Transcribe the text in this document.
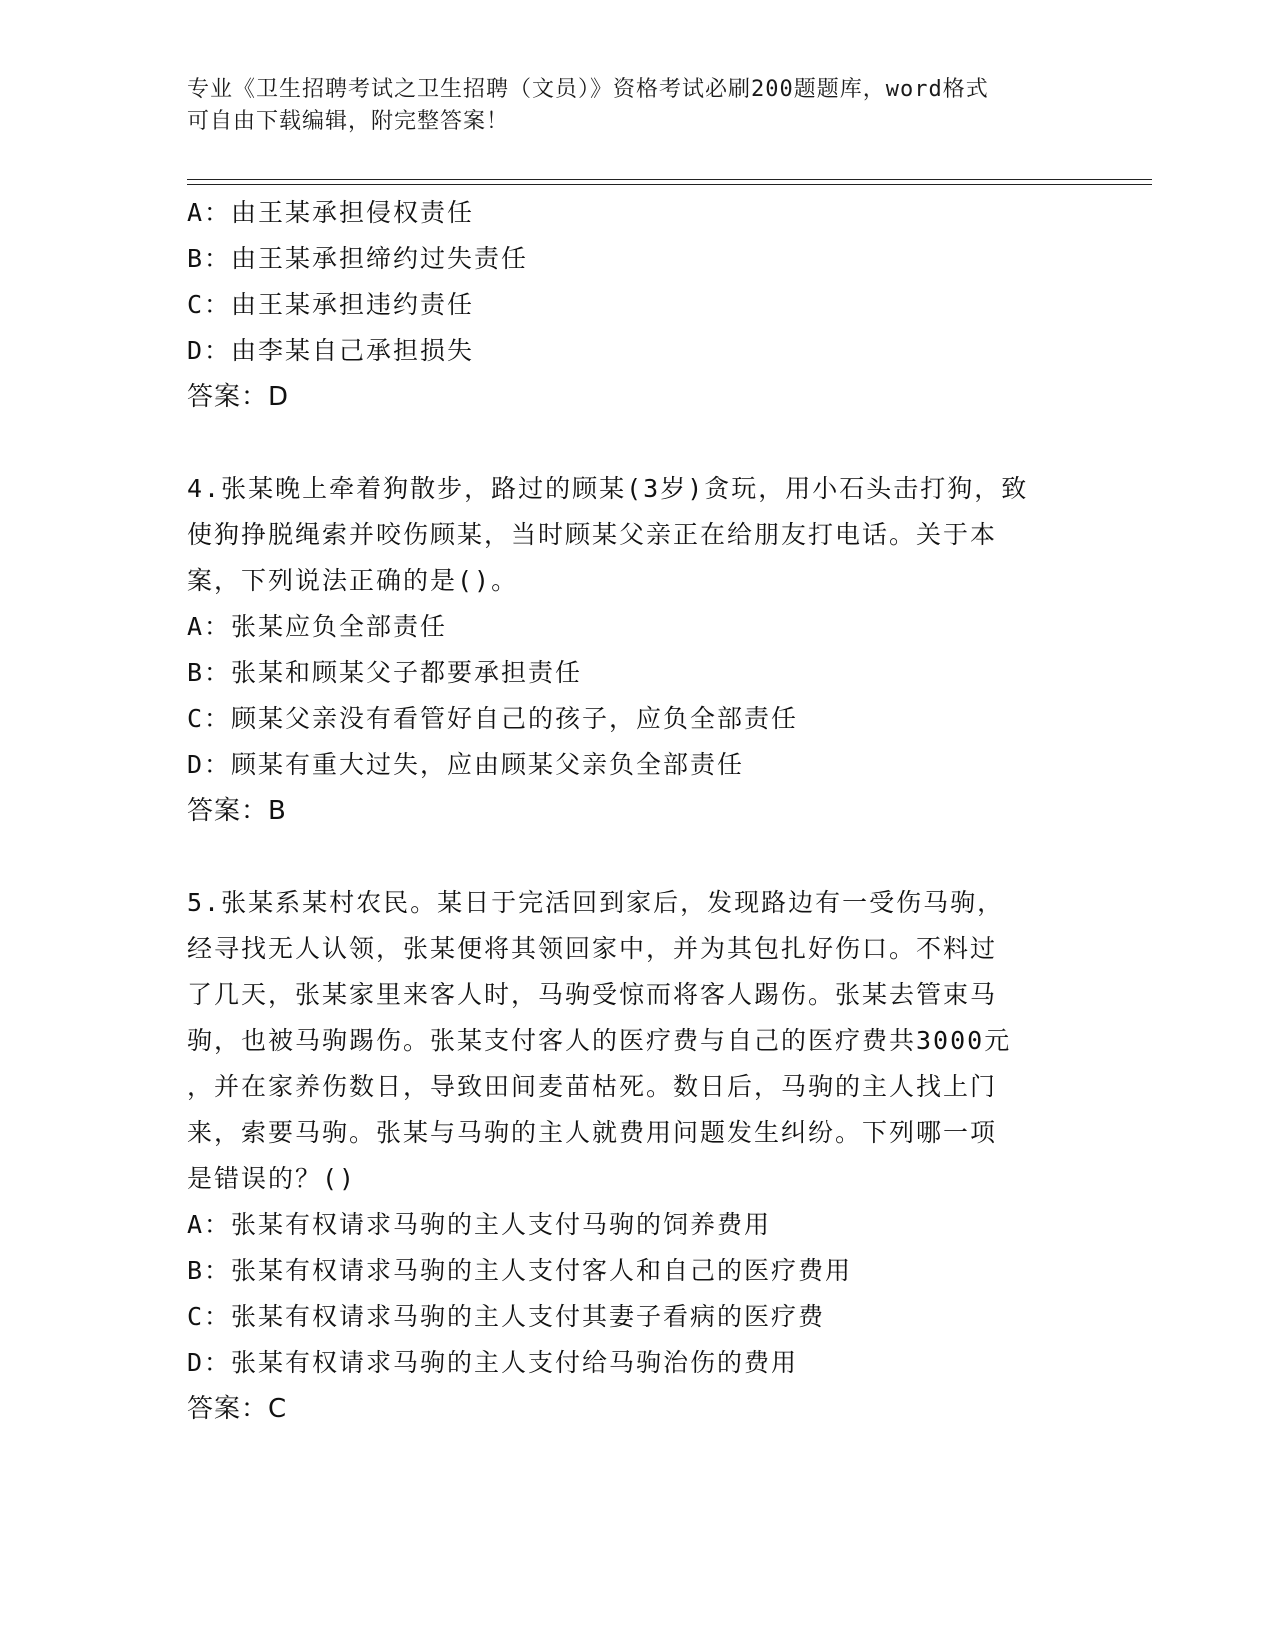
专业《卫生招聘考试之卫生招聘（文员）》资格考试必刷200题题库，word格式
可自由下载编辑，附完整答案！
A：由王某承担侵权责任
B：由王某承担缔约过失责任
C：由王某承担违约责任
D：由李某自己承担损失
答案：D
4.张某晚上牵着狗散步，路过的顾某(3岁)贪玩，用小石头击打狗，致
使狗挣脱绳索并咬伤顾某，当时顾某父亲正在给朋友打电话。关于本
案，下列说法正确的是()。
A：张某应负全部责任
B：张某和顾某父子都要承担责任
C：顾某父亲没有看管好自己的孩子，应负全部责任
D：顾某有重大过失，应由顾某父亲负全部责任
答案：B
5.张某系某村农民。某日于完活回到家后，发现路边有一受伤马驹，
经寻找无人认领，张某便将其领回家中，并为其包扎好伤口。不料过
了几天，张某家里来客人时，马驹受惊而将客人踢伤。张某去管束马
驹，也被马驹踢伤。张某支付客人的医疗费与自己的医疗费共3000元
，并在家养伤数日，导致田间麦苗枯死。数日后，马驹的主人找上门
来，索要马驹。张某与马驹的主人就费用问题发生纠纷。下列哪一项
是错误的？()
A：张某有权请求马驹的主人支付马驹的饲养费用
B：张某有权请求马驹的主人支付客人和自己的医疗费用
C：张某有权请求马驹的主人支付其妻子看病的医疗费
D：张某有权请求马驹的主人支付给马驹治伤的费用
答案：C
